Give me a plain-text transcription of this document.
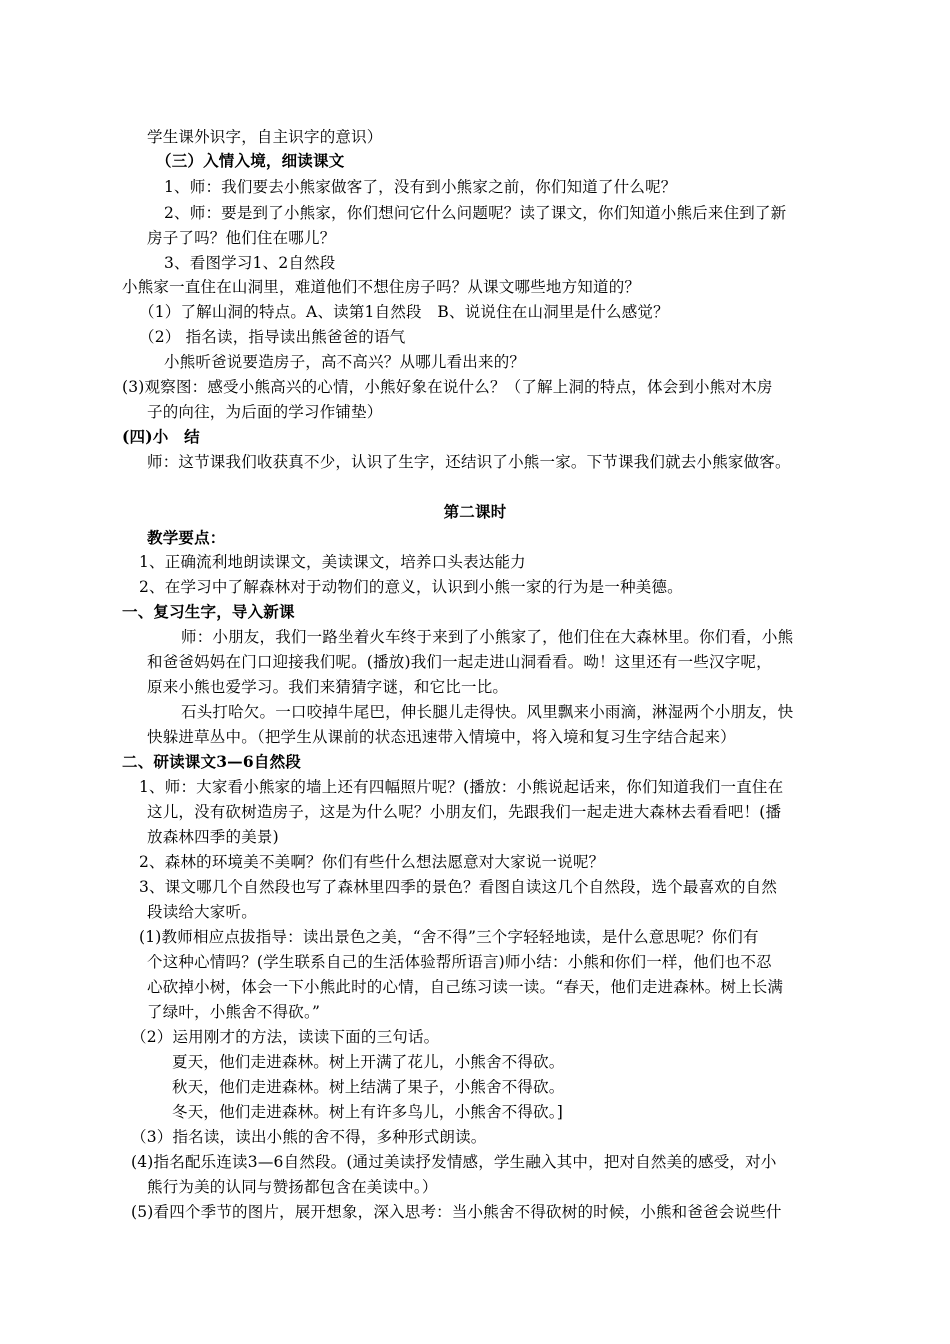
学生课外识字，自主识字的意识）
（三）入情入境，细读课文
1、师：我们要去小熊家做客了，没有到小熊家之前，你们知道了什么呢？
2、师：要是到了小熊家，你们想问它什么问题呢？读了课文，你们知道小熊后来住到了新
房子了吗？他们住在哪儿？
3、看图学习1、2自然段
小熊家一直住在山洞里，难道他们不想住房子吗？从课文哪些地方知道的？
（1）了解山洞的特点。A、读第1自然段　B、说说住在山洞里是什么感觉？
（2） 指名读，指导读出熊爸爸的语气
小熊听爸说要造房子，高不高兴？从哪儿看出来的？
(3)观察图：感受小熊高兴的心情，小熊好象在说什么？（了解上洞的特点，体会到小熊对木房
子的向往，为后面的学习作铺垫）
(四)小　结
师：这节课我们收获真不少，认识了生字，还结识了小熊一家。下节课我们就去小熊家做客。
第二课时
教学要点：
1、正确流利地朗读课文，美读课文，培养口头表达能力
2、在学习中了解森林对于动物们的意义，认识到小熊一家的行为是一种美德。
一、复习生字，导入新课
师：小朋友，我们一路坐着火车终于来到了小熊家了，他们住在大森林里。你们看，小熊
和爸爸妈妈在门口迎接我们呢。(播放)我们一起走进山洞看看。呦！这里还有一些汉字呢，
原来小熊也爱学习。我们来猜猜字谜，和它比一比。
石头打哈欠。一口咬掉牛尾巴，伸长腿儿走得快。风里飘来小雨滴，淋湿两个小朋友，快
快躲进草丛中。（把学生从课前的状态迅速带入情境中，将入境和复习生字结合起来）
二、研读课文3—6自然段
1、师：大家看小熊家的墙上还有四幅照片呢？(播放：小熊说起话来，你们知道我们一直住在
这儿，没有砍树造房子，这是为什么呢？小朋友们，先跟我们一起走进大森林去看看吧！(播
放森林四季的美景)
2、森林的环境美不美啊？你们有些什么想法愿意对大家说一说呢？
3、课文哪几个自然段也写了森林里四季的景色？看图自读这几个自然段，选个最喜欢的自然
段读给大家听。
(1)教师相应点拔指导：读出景色之美，“舍不得”三个字轻轻地读，是什么意思呢？你们有
个这种心情吗？(学生联系自己的生活体验帮所语言)师小结：小熊和你们一样，他们也不忍
心砍掉小树，体会一下小熊此时的心情，自己练习读一读。“春天，他们走进森林。树上长满
了绿叶，小熊舍不得砍。”
（2）运用刚才的方法，读读下面的三句话。
夏天，他们走进森林。树上开满了花儿，小熊舍不得砍。
秋天，他们走进森林。树上结满了果子，小熊舍不得砍。
冬天，他们走进森林。树上有许多鸟儿，小熊舍不得砍。]
（3）指名读，读出小熊的舍不得，多种形式朗读。
(4)指名配乐连读3—6自然段。(通过美读抒发情感，学生融入其中，把对自然美的感受，对小
熊行为美的认同与赞扬都包含在美读中。）
(5)看四个季节的图片，展开想象，深入思考：当小熊舍不得砍树的时候，小熊和爸爸会说些什
